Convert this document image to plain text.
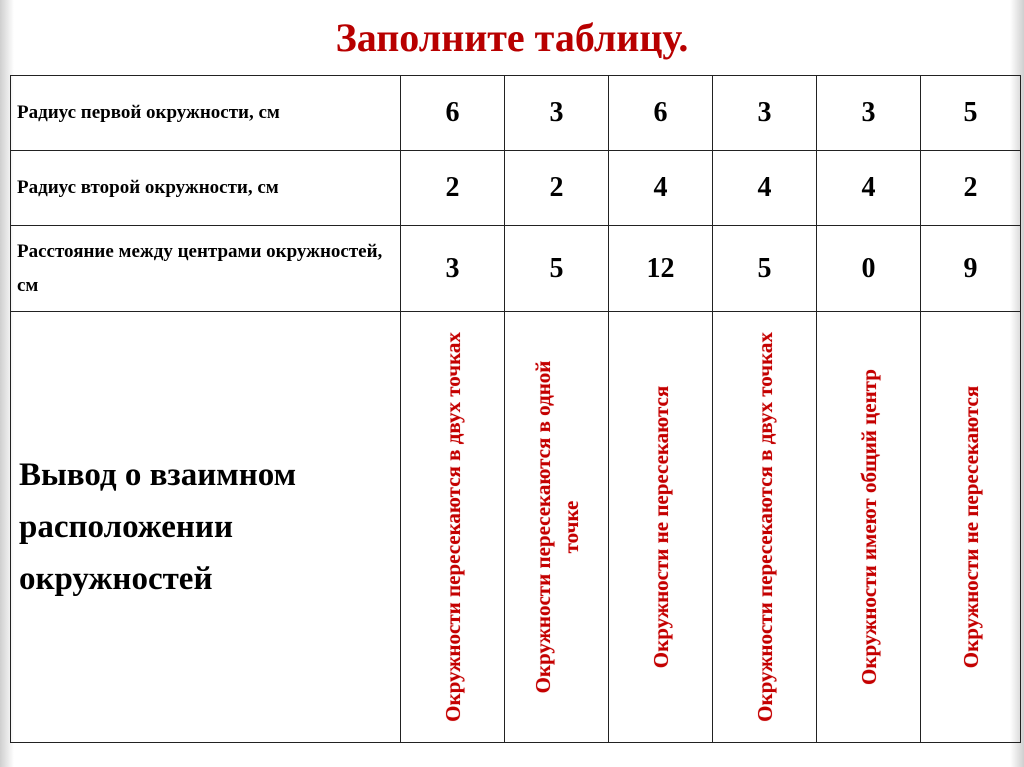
Заполните таблицу.
Радиус первой окружности, см	6	3	6	3	3	5
Радиус второй окружности, см	2	2	4	4	4	2
Расстояние между центрами окружностей, см	3	5	12	5	0	9
Вывод о взаимном расположении окружностей	Окружности пересекаются в двух точках	Окружности пересекаются в одной точке	Окружности не пересекаются	Окружности пересекаются в двух точках	Окружности имеют общий центр	Окружности не пересекаются
